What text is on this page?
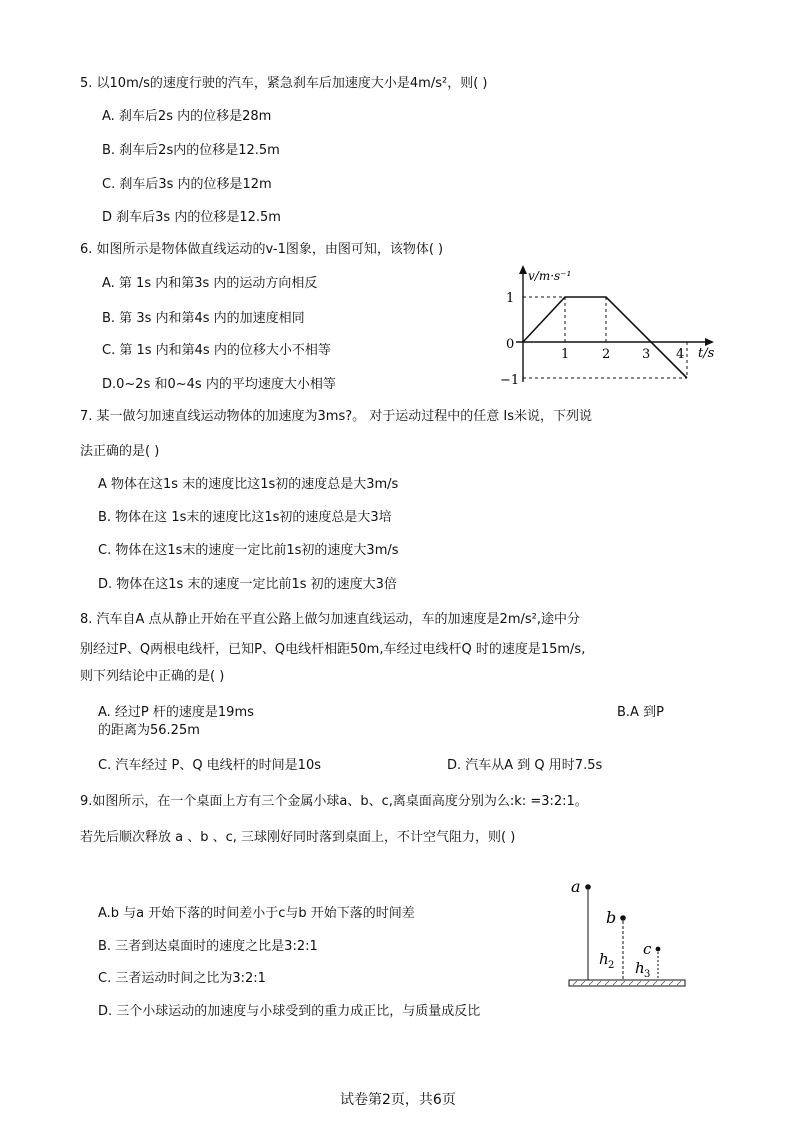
5. 以10m/s的速度行驶的汽车，紧急刹车后加速度大小是4m/s²，则( )
A. 刹车后2s 内的位移是28m
B. 刹车后2s内的位移是12.5m
C. 刹车后3s 内的位移是12m
D 刹车后3s 内的位移是12.5m
6. 如图所示是物体做直线运动的v-1图象，由图可知，该物体( )
A. 第 1s 内和第3s 内的运动方向相反
B. 第 3s 内和第4s 内的加速度相同
C. 第 1s 内和第4s 内的位移大小不相等
D.0~2s 和0~4s 内的平均速度大小相等
v/m·s⁻¹
t/s
1
0
−1
1	2 3 4
7. 某一做匀加速直线运动物体的加速度为3ms?。 对于运动过程中的任意 Is米说，下列说
法正确的是( )
A 物体在这1s 末的速度比这1s初的速度总是大3m/s
B. 物体在这 1s末的速度比这1s初的速度总是大3培
C. 物体在这1s末的速度一定比前1s初的速度大3m/s
D. 物体在这1s 末的速度一定比前1s 初的速度大3倍
8. 汽车自A 点从静止开始在平直公路上做匀加速直线运动，车的加速度是2m/s²,途中分
别经过P、Q两根电线杆，已知P、Q电线杆相距50m,车经过电线杆Q 时的速度是15m/s,
则下列结论中正确的是( )
A. 经过P 杆的速度是19ms	B.A 到P
的距离为56.25m
C. 汽车经过 P、Q 电线杆的时间是10s	D. 汽车从A 到 Q 用时7.5s
9.如图所示，在一个桌面上方有三个金属小球a、b、c,离桌面高度分别为么:k: =3:2:1。
若先后顺次释放 a 、b 、c, 三球刚好同时落到桌面上，不计空气阻力，则( )
A.b 与a 开始下落的时间差小于c与b 开始下落的时间差
B. 三者到达桌面时的速度之比是3:2:1
C. 三者运动时间之比为3:2:1
D. 三个小球运动的加速度与小球受到的重力成正比，与质量成反比
a
b
c
h 2 h 3
试卷第2页，共6页
